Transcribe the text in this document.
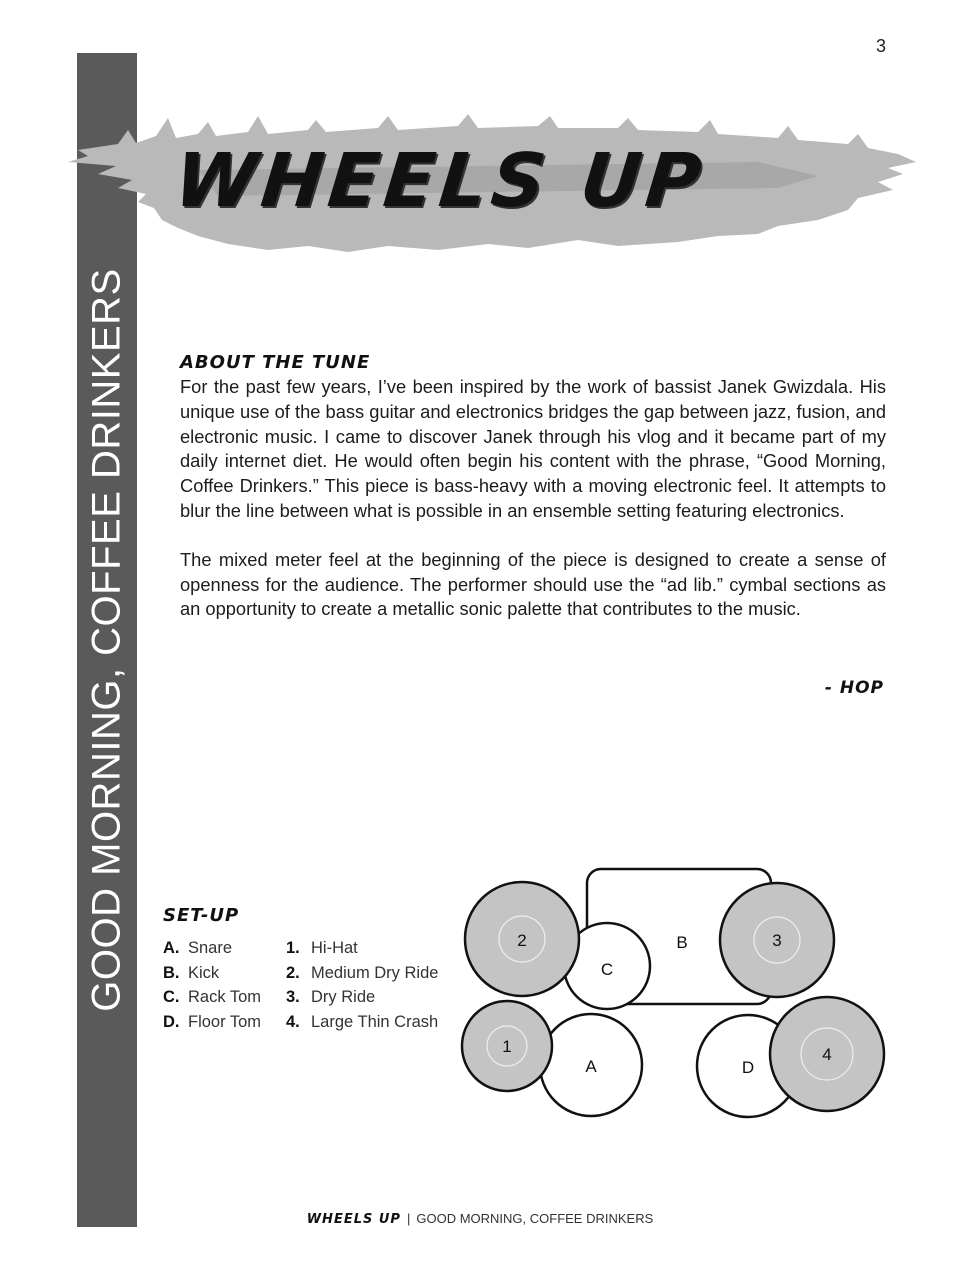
3
GOOD MORNING, COFFEE DRINKERS
WHEELS UP
ABOUT THE TUNE

For the past few years, I’ve been inspired by the work of bassist Janek Gwizdala. His unique use of the bass guitar and electronics bridges the gap between jazz, fusion, and electronic music. I came to discover Janek through his vlog and it became part of my daily internet diet. He would often begin his content with the phrase, “Good Morning, Coffee Drinkers.” This piece is bass-heavy with a moving electronic feel. It attempts to blur the line between what is possible in an ensemble setting featuring electronics.

The mixed meter feel at the beginning of the piece is designed to create a sense of openness for the audience. The performer should use the “ad lib.” cymbal sections as an opportunity to create a metallic sonic palette that contributes to the music.

- HOP
SET-UP
A. Snare
B. Kick
C. Rack Tom
D. Floor Tom
1. Hi-Hat
2. Medium Dry Ride
3. Dry Ride
4. Large Thin Crash
B
C
2	3
A
1
D
4
WHEELS UP | GOOD MORNING, COFFEE DRINKERS
